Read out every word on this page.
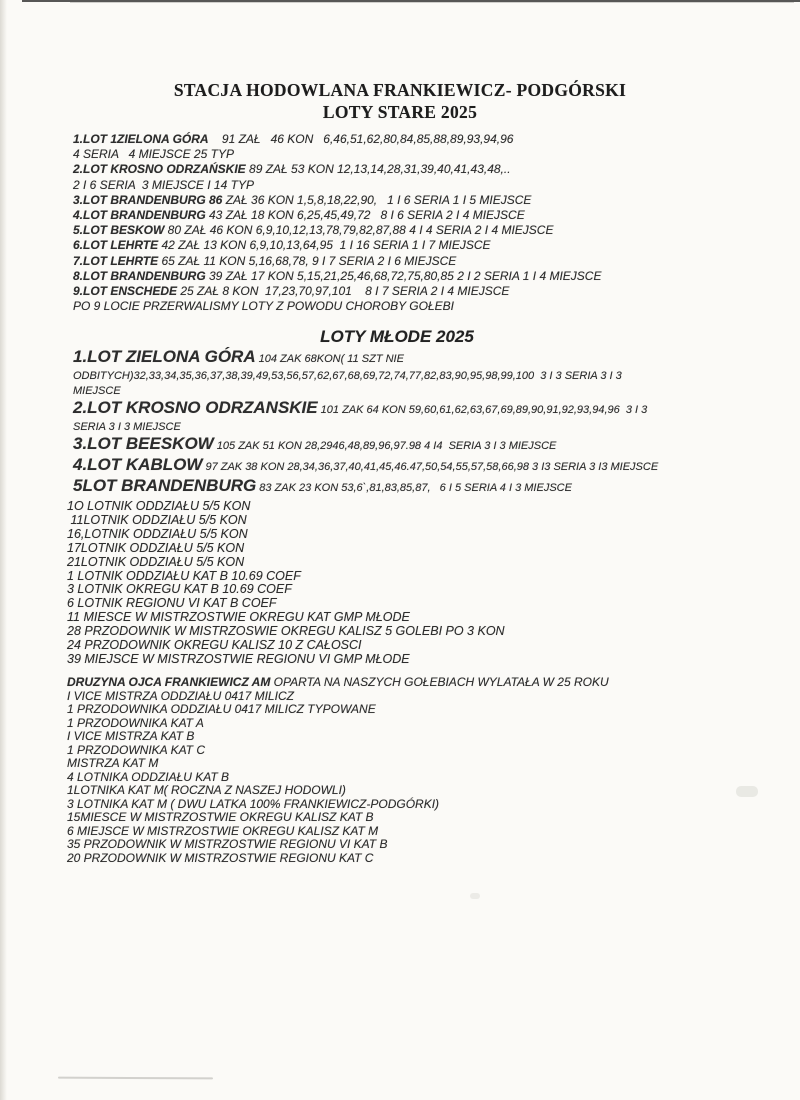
STACJA HODOWLANA FRANKIEWICZ- PODGÓRSKI
LOTY STARE 2025
1.LOT 1ZIELONA GÓRA    91 ZAŁ   46 KON   6,46,51,62,80,84,85,88,89,93,94,96
4 SERIA   4 MIEJSCE 25 TYP
2.LOT KROSNO ODRZAŃSKIE 89 ZAŁ 53 KON 12,13,14,28,31,39,40,41,43,48,..
2 I 6 SERIA  3 MIEJSCE I 14 TYP
3.LOT BRANDENBURG 86 ZAŁ 36 KON 1,5,8,18,22,90,   1 I 6 SERIA 1 I 5 MIEJSCE
4.LOT BRANDENBURG 43 ZAŁ 18 KON 6,25,45,49,72   8 I 6 SERIA 2 I 4 MIEJSCE
5.LOT BESKOW 80 ZAŁ 46 KON 6,9,10,12,13,78,79,82,87,88 4 I 4 SERIA 2 I 4 MIEJSCE
6.LOT LEHRTE 42 ZAŁ 13 KON 6,9,10,13,64,95  1 I 16 SERIA 1 I 7 MIEJSCE
7.LOT LEHRTE 65 ZAŁ 11 KON 5,16,68,78, 9 I 7 SERIA 2 I 6 MIEJSCE
8.LOT BRANDENBURG 39 ZAŁ 17 KON 5,15,21,25,46,68,72,75,80,85 2 I 2 SERIA 1 I 4 MIEJSCE
9.LOT ENSCHEDE 25 ZAŁ 8 KON  17,23,70,97,101    8 I 7 SERIA 2 I 4 MIEJSCE
PO 9 LOCIE PRZERWALISMY LOTY Z POWODU CHOROBY GOŁEBI
LOTY MŁODE 2025
1.LOT ZIELONA GÓRA 104 ZAK 68KON( 11 SZT NIE
ODBITYCH)32,33,34,35,36,37,38,39,49,53,56,57,62,67,68,69,72,74,77,82,83,90,95,98,99,100  3 I 3 SERIA 3 I 3
MIEJSCE
2.LOT KROSNO ODRZANSKIE 101 ZAK 64 KON 59,60,61,62,63,67,69,89,90,91,92,93,94,96  3 I 3
SERIA 3 I 3 MIEJSCE
3.LOT BEESKOW 105 ZAK 51 KON 28,2946,48,89,96,97.98 4 I4  SERIA 3 I 3 MIEJSCE
4.LOT KABLOW 97 ZAK 38 KON 28,34,36,37,40,41,45,46.47,50,54,55,57,58,66,98 3 I3 SERIA 3 I3 MIEJSCE
5LOT BRANDENBURG 83 ZAK 23 KON 53,6`,81,83,85,87,   6 I 5 SERIA 4 I 3 MIEJSCE
1O LOTNIK ODDZIAŁU 5/5 KON
11LOTNIK ODDZIAŁU 5/5 KON
16,LOTNIK ODDZIAŁU 5/5 KON
17LOTNIK ODDZIAŁU 5/5 KON
21LOTNIK ODDZIAŁU 5/5 KON
1 LOTNIK ODDZIAŁU KAT B 10.69 COEF
3 LOTNIK OKREGU KAT B 10.69 COEF
6 LOTNIK REGIONU VI KAT B COEF
11 MIESCE W MISTRZOSTWIE OKREGU KAT GMP MŁODE
28 PRZODOWNIK W MISTRZOSWIE OKREGU KALISZ 5 GOLEBI PO 3 KON
24 PRZODOWNIK OKREGU KALISZ 10 Z CAŁOSCI
39 MIEJSCE W MISTRZOSTWIE REGIONU VI GMP MŁODE
DRUZYNA OJCA FRANKIEWICZ AM OPARTA NA NASZYCH GOŁEBIACH WYLATAŁA W 25 ROKU
I VICE MISTRZA ODDZIAŁU 0417 MILICZ
1 PRZODOWNIKA ODDZIAŁU 0417 MILICZ TYPOWANE
1 PRZODOWNIKA KAT A
I VICE MISTRZA KAT B
1 PRZODOWNIKA KAT C
MISTRZA KAT M
4 LOTNIKA ODDZIAŁU KAT B
1LOTNIKA KAT M( ROCZNA Z NASZEJ HODOWLI)
3 LOTNIKA KAT M ( DWU LATKA 100% FRANKIEWICZ-PODGÓRKI)
15MIESCE W MISTRZOSTWIE OKREGU KALISZ KAT B
6 MIEJSCE W MISTRZOSTWIE OKREGU KALISZ KAT M
35 PRZODOWNIK W MISTRZOSTWIE REGIONU VI KAT B
20 PRZODOWNIK W MISTRZOSTWIE REGIONU KAT C
